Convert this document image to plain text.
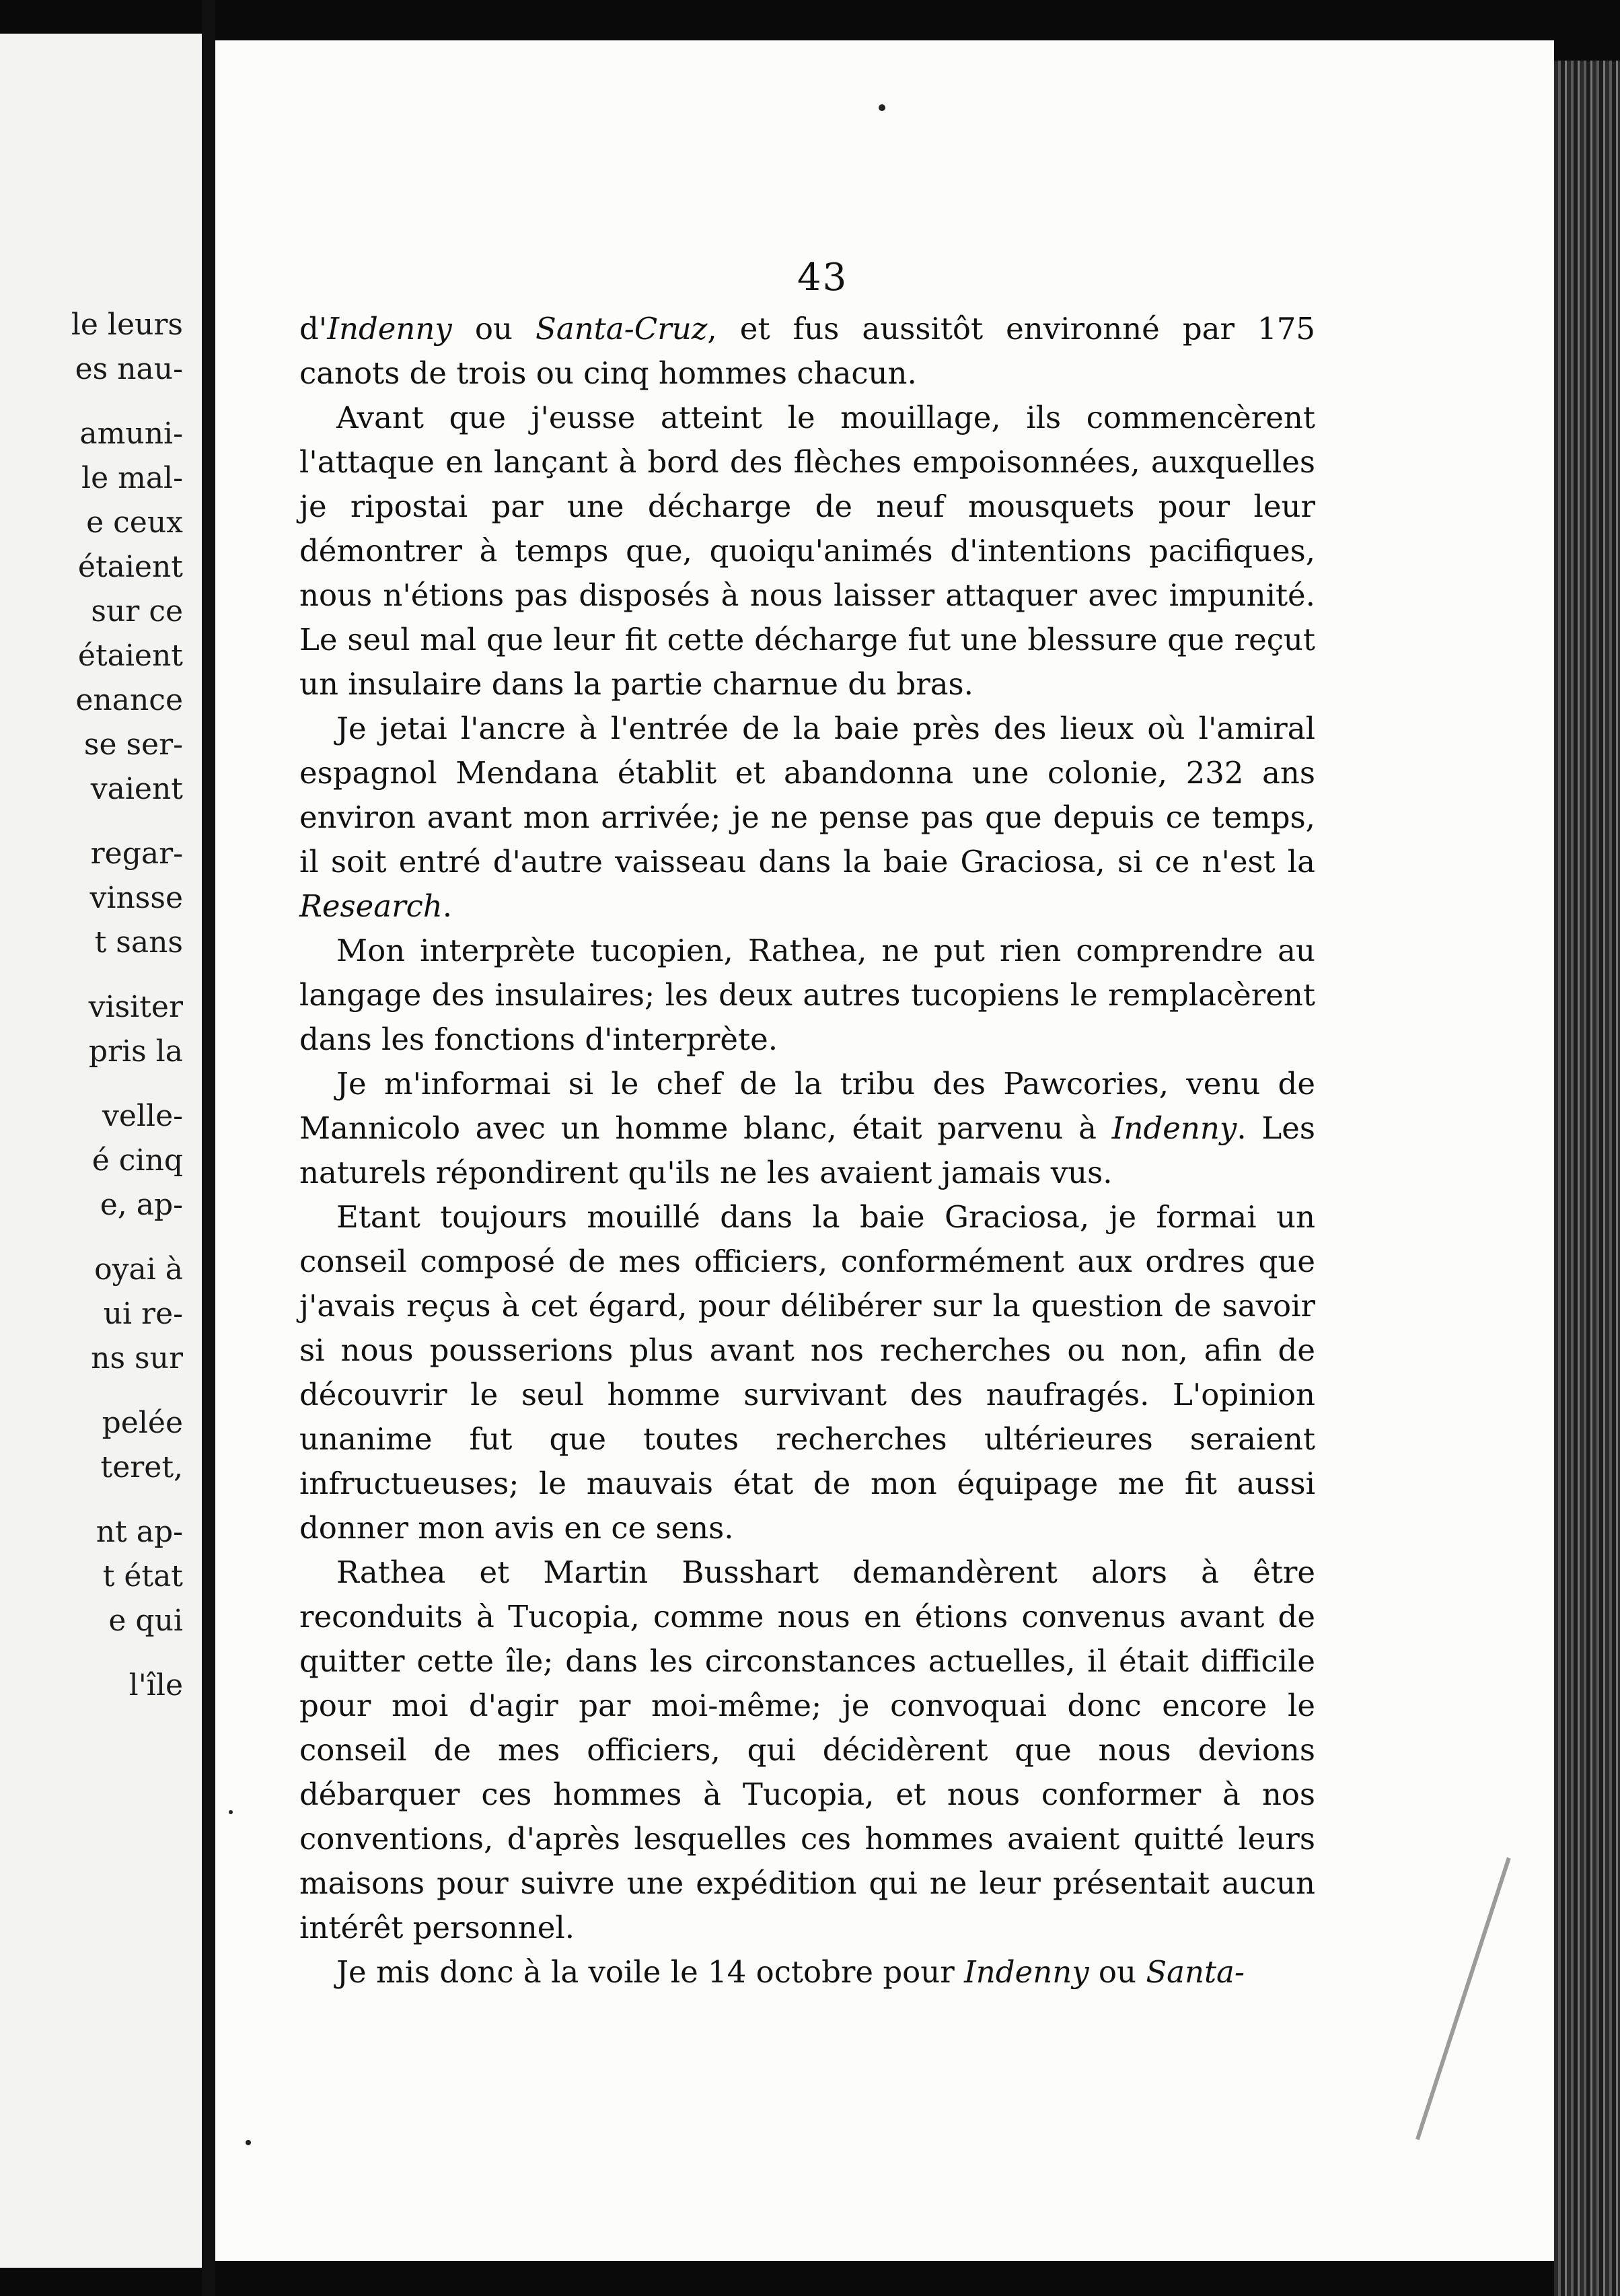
le leurs
es nau-
amuni-
le mal-
e ceux
étaient
sur ce
étaient
enance
se ser-
vaient
regar-
vinsse
t sans
visiter
pris la
velle-
é cinq
e, ap-
oyai à
ui re-
ns sur
pelée
teret,
nt ap-
t état
e qui
l'île
43

d'Indenny ou Santa-Cruz, et fus aussitôt environné par 175 canots de trois ou cinq hommes chacun.

Avant que j'eusse atteint le mouillage, ils commencèrent l'attaque en lançant à bord des flèches empoisonnées, auxquelles je ripostai par une décharge de neuf mousquets pour leur démontrer à temps que, quoiqu'animés d'intentions pacifiques, nous n'étions pas disposés à nous laisser attaquer avec impunité. Le seul mal que leur fit cette décharge fut une blessure que reçut un insulaire dans la partie charnue du bras.

Je jetai l'ancre à l'entrée de la baie près des lieux où l'amiral espagnol Mendana établit et abandonna une colonie, 232 ans environ avant mon arrivée; je ne pense pas que depuis ce temps, il soit entré d'autre vaisseau dans la baie Graciosa, si ce n'est la Research.

Mon interprète tucopien, Rathea, ne put rien comprendre au langage des insulaires; les deux autres tucopiens le remplacèrent dans les fonctions d'interprète.

Je m'informai si le chef de la tribu des Pawcories, venu de Mannicolo avec un homme blanc, était parvenu à Indenny. Les naturels répondirent qu'ils ne les avaient jamais vus.

Etant toujours mouillé dans la baie Graciosa, je formai un conseil composé de mes officiers, conformément aux ordres que j'avais reçus à cet égard, pour délibérer sur la question de savoir si nous pousserions plus avant nos recherches ou non, afin de découvrir le seul homme survivant des naufragés. L'opinion unanime fut que toutes recherches ultérieures seraient infructueuses; le mauvais état de mon équipage me fit aussi donner mon avis en ce sens.

Rathea et Martin Busshart demandèrent alors à être reconduits à Tucopia, comme nous en étions convenus avant de quitter cette île; dans les circonstances actuelles, il était difficile pour moi d'agir par moi-même; je convoquai donc encore le conseil de mes officiers, qui décidèrent que nous devions débarquer ces hommes à Tucopia, et nous conformer à nos conventions, d'après lesquelles ces hommes avaient quitté leurs maisons pour suivre une expédition qui ne leur présentait aucun intérêt personnel.

Je mis donc à la voile le 14 octobre pour Indenny ou Santa-
